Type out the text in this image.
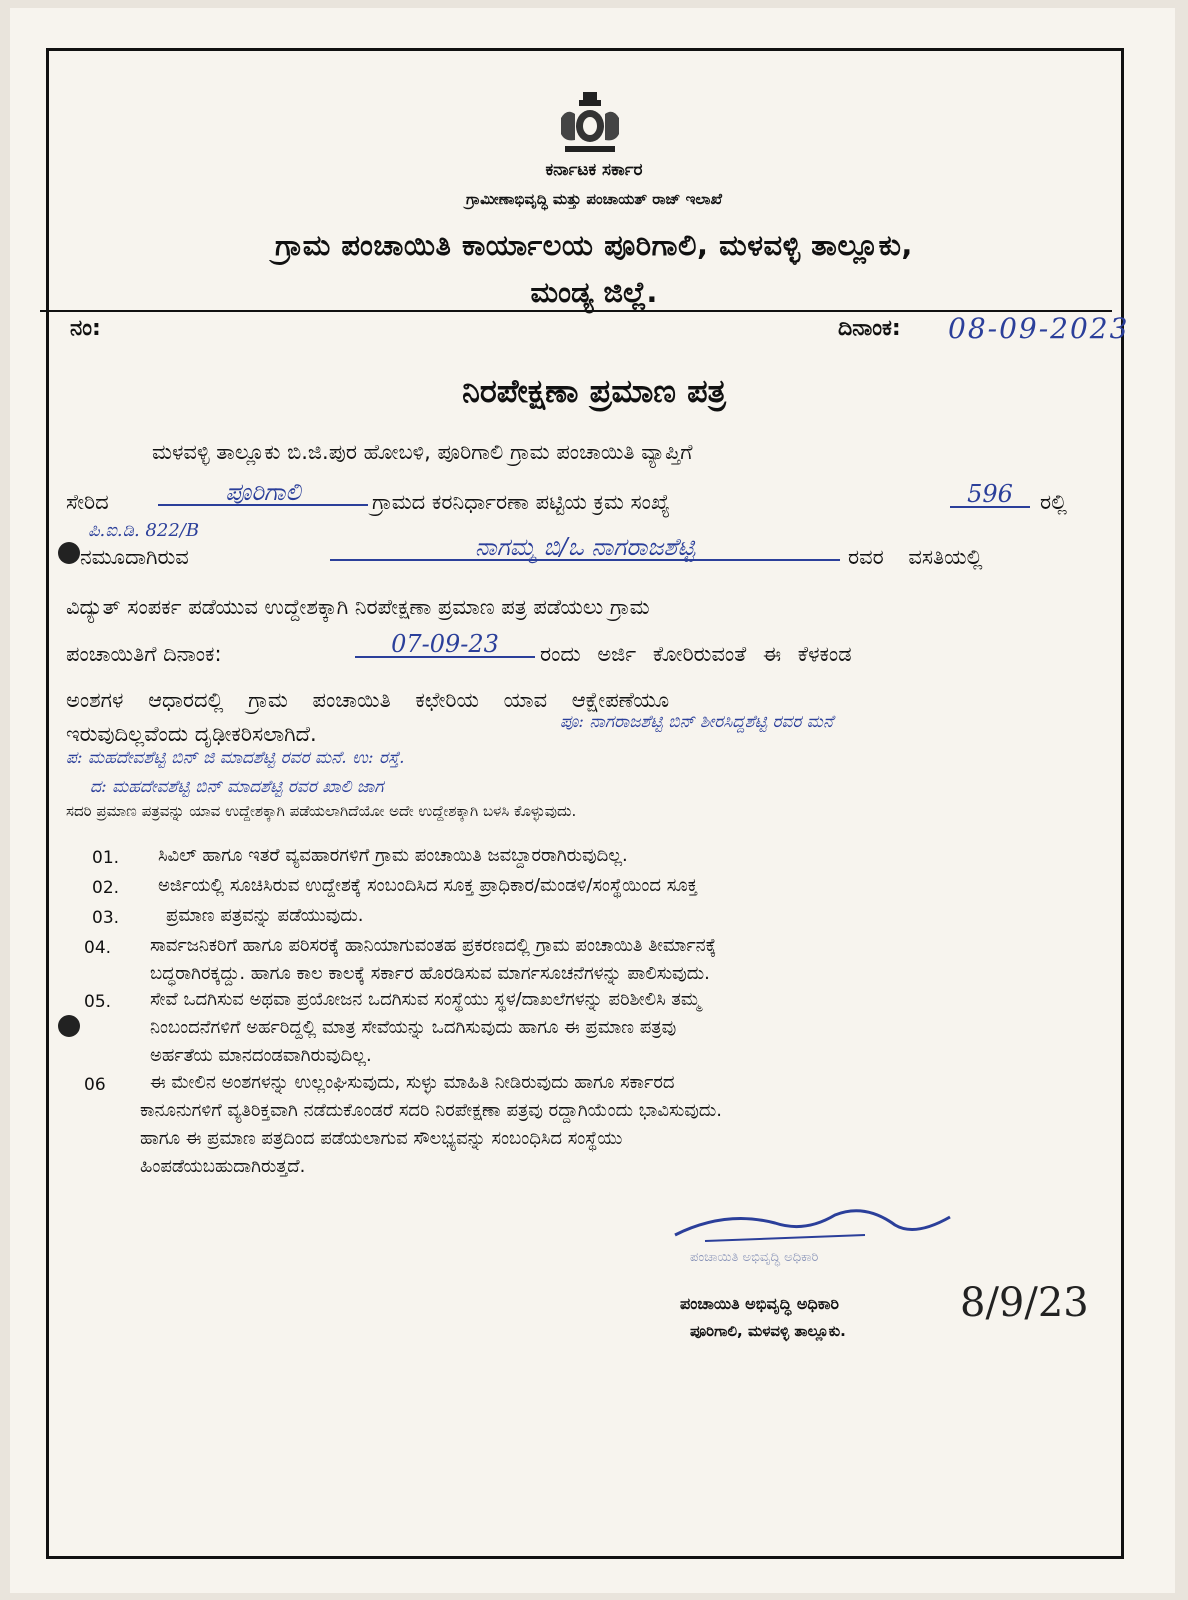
ಕರ್ನಾಟಕ ಸರ್ಕಾರ
ಗ್ರಾಮೀಣಾಭಿವೃದ್ಧಿ ಮತ್ತು ಪಂಚಾಯತ್ ರಾಜ್ ಇಲಾಖೆ
ಗ್ರಾಮ ಪಂಚಾಯಿತಿ ಕಾರ್ಯಾಲಯ ಪೂರಿಗಾಲಿ, ಮಳವಳ್ಳಿ ತಾಲ್ಲೂಕು,
ಮಂಡ್ಯ ಜಿಲ್ಲೆ.
ನಂ:	ದಿನಾಂಕ: 08-09-2023
ನಿರಪೇಕ್ಷಣಾ ಪ್ರಮಾಣ ಪತ್ರ
ಮಳವಳ್ಳಿ ತಾಲ್ಲೂಕು ಬಿ.ಜಿ.ಪುರ ಹೋಬಳಿ, ಪೂರಿಗಾಲಿ ಗ್ರಾಮ ಪಂಚಾಯಿತಿ ವ್ಯಾಪ್ತಿಗೆ
ಸೇರಿದ	ಪೂರಿಗಾಲಿ	ಗ್ರಾಮದ ಕರನಿರ್ಧಾರಣಾ ಪಟ್ಟಿಯ ಕ್ರಮ ಸಂಖ್ಯೆ	596	ರಲ್ಲಿ
ಪಿ.ಐ.ಡಿ. 822/B
ನಮೂದಾಗಿರುವ	ನಾಗಮ್ಮ ಬಿ/ಒ ನಾಗರಾಜಶೆಟ್ಟಿ	ರವರ ವಸತಿಯಲ್ಲಿ
ವಿದ್ಯುತ್ ಸಂಪರ್ಕ ಪಡೆಯುವ ಉದ್ದೇಶಕ್ಕಾಗಿ ನಿರಪೇಕ್ಷಣಾ ಪ್ರಮಾಣ ಪತ್ರ ಪಡೆಯಲು ಗ್ರಾಮ
ಪಂಚಾಯಿತಿಗೆ ದಿನಾಂಕ:	07-09-23	ರಂದು ಅರ್ಜಿ ಕೋರಿರುವಂತೆ ಈ ಕೆಳಕಂಡ
ಅಂಶಗಳ ಆಧಾರದಲ್ಲಿ ಗ್ರಾಮ ಪಂಚಾಯಿತಿ ಕಛೇರಿಯ ಯಾವ ಆಕ್ಷೇಪಣೆಯೂ
ಇರುವುದಿಲ್ಲವೆಂದು ದೃಢೀಕರಿಸಲಾಗಿದೆ.	ಪೂ: ನಾಗರಾಜಶೆಟ್ಟಿ ಬಿನ್ ಶೀರಸಿದ್ದಶೆಟ್ಟಿ ರವರ ಮನೆ
ಪ: ಮಹದೇವಶೆಟ್ಟಿ ಬಿನ್ ಜಿ ಮಾದಶೆಟ್ಟಿ ರವರ ಮನೆ. ಉ: ರಸ್ತೆ.
ದ: ಮಹದೇವಶೆಟ್ಟಿ ಬಿನ್ ಮಾದಶೆಟ್ಟಿ ರವರ ಖಾಲಿ ಜಾಗ
ಸದರಿ ಪ್ರಮಾಣ ಪತ್ರವನ್ನು ಯಾವ ಉದ್ದೇಶಕ್ಕಾಗಿ ಪಡೆಯಲಾಗಿದೆಯೋ ಅದೇ ಉದ್ದೇಶಕ್ಕಾಗಿ ಬಳಸಿ ಕೊಳ್ಳುವುದು.
01. ಸಿವಿಲ್ ಹಾಗೂ ಇತರೆ ವ್ಯವಹಾರಗಳಿಗೆ ಗ್ರಾಮ ಪಂಚಾಯಿತಿ ಜವಬ್ದಾರರಾಗಿರುವುದಿಲ್ಲ.
02. ಅರ್ಜಿಯಲ್ಲಿ ಸೂಚಿಸಿರುವ ಉದ್ದೇಶಕ್ಕೆ ಸಂಬಂದಿಸಿದ ಸೂಕ್ತ ಪ್ರಾಧಿಕಾರ/ಮಂಡಳಿ/ಸಂಸ್ಥೆಯಿಂದ ಸೂಕ್ತ
03.	ಪ್ರಮಾಣ ಪತ್ರವನ್ನು ಪಡೆಯುವುದು.
04. ಸಾರ್ವಜನಿಕರಿಗೆ ಹಾಗೂ ಪರಿಸರಕ್ಕೆ ಹಾನಿಯಾಗುವಂತಹ ಪ್ರಕರಣದಲ್ಲಿ ಗ್ರಾಮ ಪಂಚಾಯಿತಿ ತೀರ್ಮಾನಕ್ಕೆ
ಬದ್ಧರಾಗಿರಕ್ಕದ್ದು. ಹಾಗೂ ಕಾಲ ಕಾಲಕ್ಕೆ ಸರ್ಕಾರ ಹೊರಡಿಸುವ ಮಾರ್ಗಸೂಚನೆಗಳನ್ನು ಪಾಲಿಸುವುದು.
05. ಸೇವೆ ಒದಗಿಸುವ ಅಥವಾ ಪ್ರಯೋಜನ ಒದಗಿಸುವ ಸಂಸ್ಥೆಯು ಸ್ಥಳ/ದಾಖಲೆಗಳನ್ನು ಪರಿಶೀಲಿಸಿ ತಮ್ಮ
ನಿಂಬಂದನೆಗಳಿಗೆ ಅರ್ಹರಿದ್ದಲ್ಲಿ ಮಾತ್ರ ಸೇವೆಯನ್ನು ಒದಗಿಸುವುದು ಹಾಗೂ ಈ ಪ್ರಮಾಣ ಪತ್ರವು
ಅರ್ಹತೆಯ ಮಾನದಂಡವಾಗಿರುವುದಿಲ್ಲ.
06 ಈ ಮೇಲಿನ ಅಂಶಗಳನ್ನು ಉಲ್ಲಂಘಿಸುವುದು, ಸುಳ್ಳು ಮಾಹಿತಿ ನೀಡಿರುವುದು ಹಾಗೂ ಸರ್ಕಾರದ
ಕಾನೂನುಗಳಿಗೆ ವ್ಯತಿರಿಕ್ತವಾಗಿ ನಡೆದುಕೊಂಡರೆ ಸದರಿ ನಿರಪೇಕ್ಷಣಾ ಪತ್ರವು ರದ್ದಾಗಿಯೆಂದು ಭಾವಿಸುವುದು.
ಹಾಗೂ ಈ ಪ್ರಮಾಣ ಪತ್ರದಿಂದ ಪಡೆಯಲಾಗುವ ಸೌಲಭ್ಯವನ್ನು ಸಂಬಂಧಿಸಿದ ಸಂಸ್ಥೆಯು
ಹಿಂಪಡೆಯಬಹುದಾಗಿರುತ್ತದೆ.
ಪಂಚಾಯಿತಿ ಅಭಿವೃದ್ಧಿ ಅಧಿಕಾರಿ
ಪಂಚಾಯಿತಿ ಅಭಿವೃದ್ಧಿ ಅಧಿಕಾರಿ
ಪೂರಿಗಾಲಿ, ಮಳವಳ್ಳಿ ತಾಲ್ಲೂಕು.
8/9/23
